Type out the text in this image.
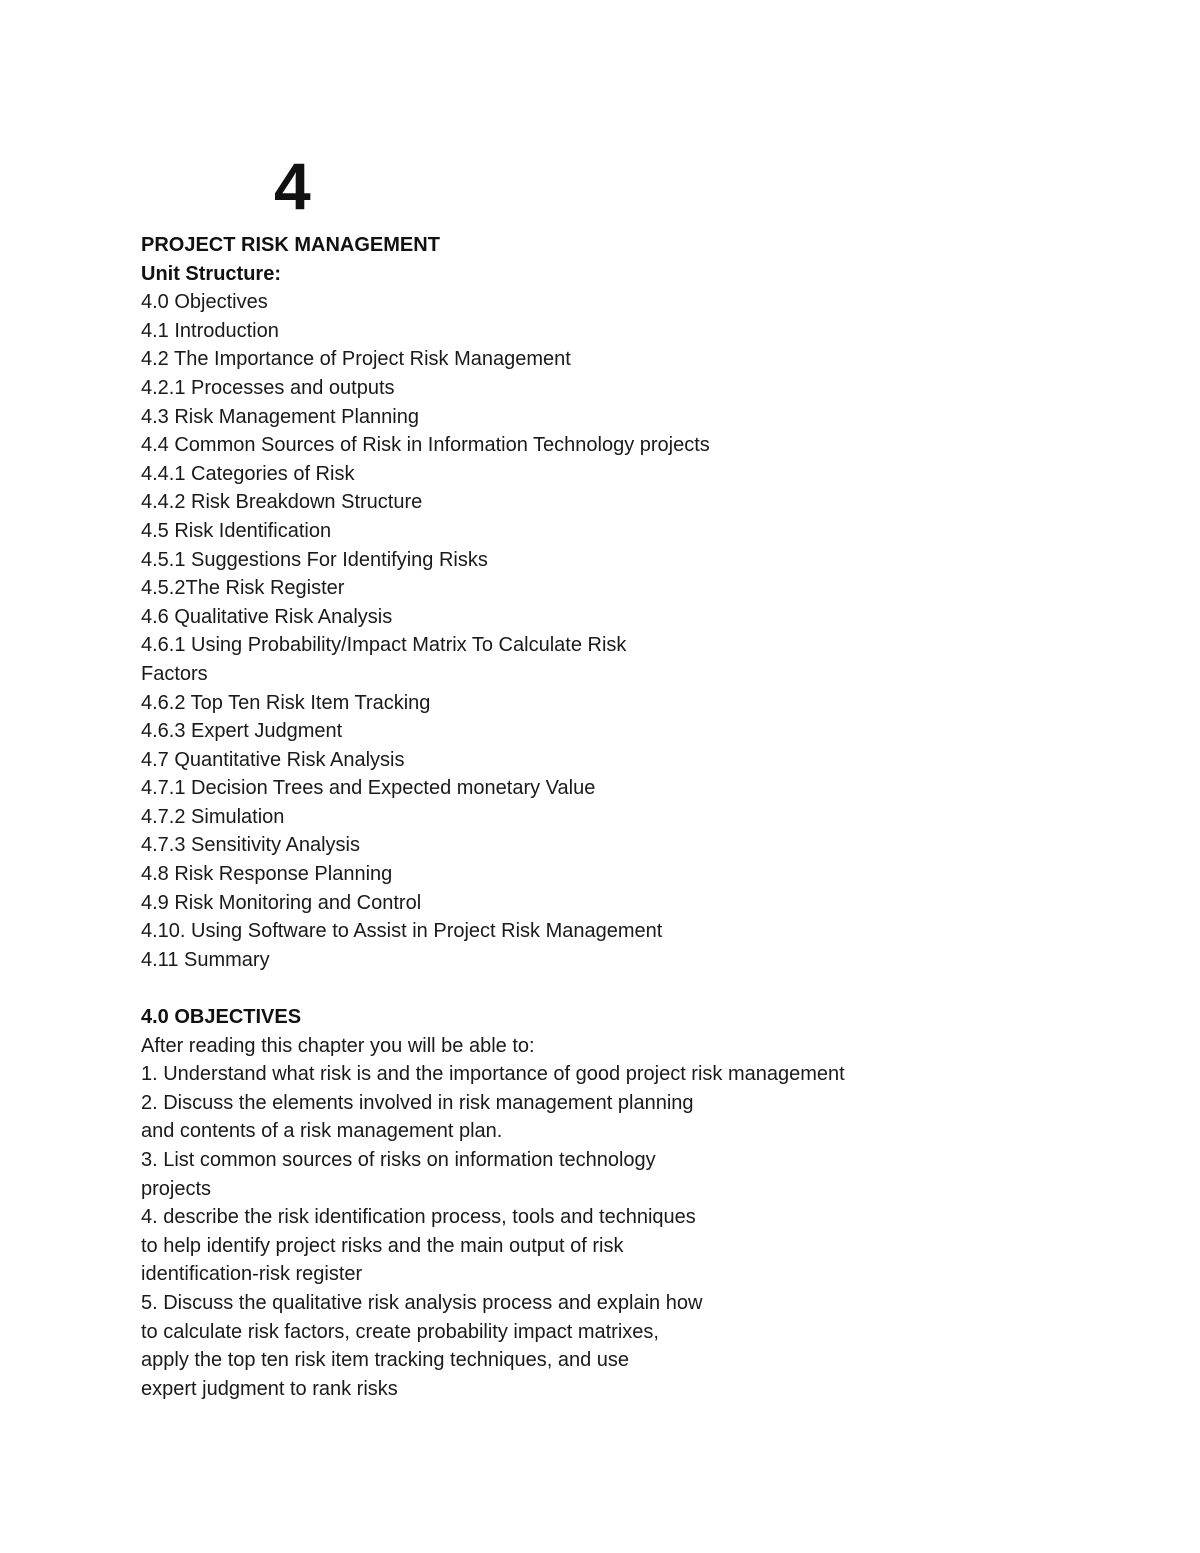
4
PROJECT RISK MANAGEMENT
Unit Structure:
4.0 Objectives
4.1 Introduction
4.2 The Importance of Project Risk Management
4.2.1 Processes and outputs
4.3 Risk Management Planning
4.4 Common Sources of Risk in Information Technology projects
4.4.1 Categories of Risk
4.4.2 Risk Breakdown Structure
4.5 Risk Identification
4.5.1 Suggestions For Identifying Risks
4.5.2The Risk Register
4.6 Qualitative Risk Analysis
4.6.1 Using Probability/Impact Matrix To Calculate Risk
Factors
4.6.2 Top Ten Risk Item Tracking
4.6.3 Expert Judgment
4.7 Quantitative Risk Analysis
4.7.1 Decision Trees and Expected monetary Value
4.7.2 Simulation
4.7.3 Sensitivity Analysis
4.8 Risk Response Planning
4.9 Risk Monitoring and Control
4.10. Using Software to Assist in Project Risk Management
4.11 Summary
4.0 OBJECTIVES
After reading this chapter you will be able to:
1. Understand what risk is and the importance of good project risk management
2. Discuss the elements involved in risk management planning
and contents of a risk management plan.
3. List common sources of risks on information technology
projects
4. describe the risk identification process, tools and techniques
to help identify project risks and the main output of risk
identification-risk register
5. Discuss the qualitative risk analysis process and explain how
to calculate risk factors, create probability impact matrixes,
apply the top ten risk item tracking techniques, and use
expert judgment to rank risks
